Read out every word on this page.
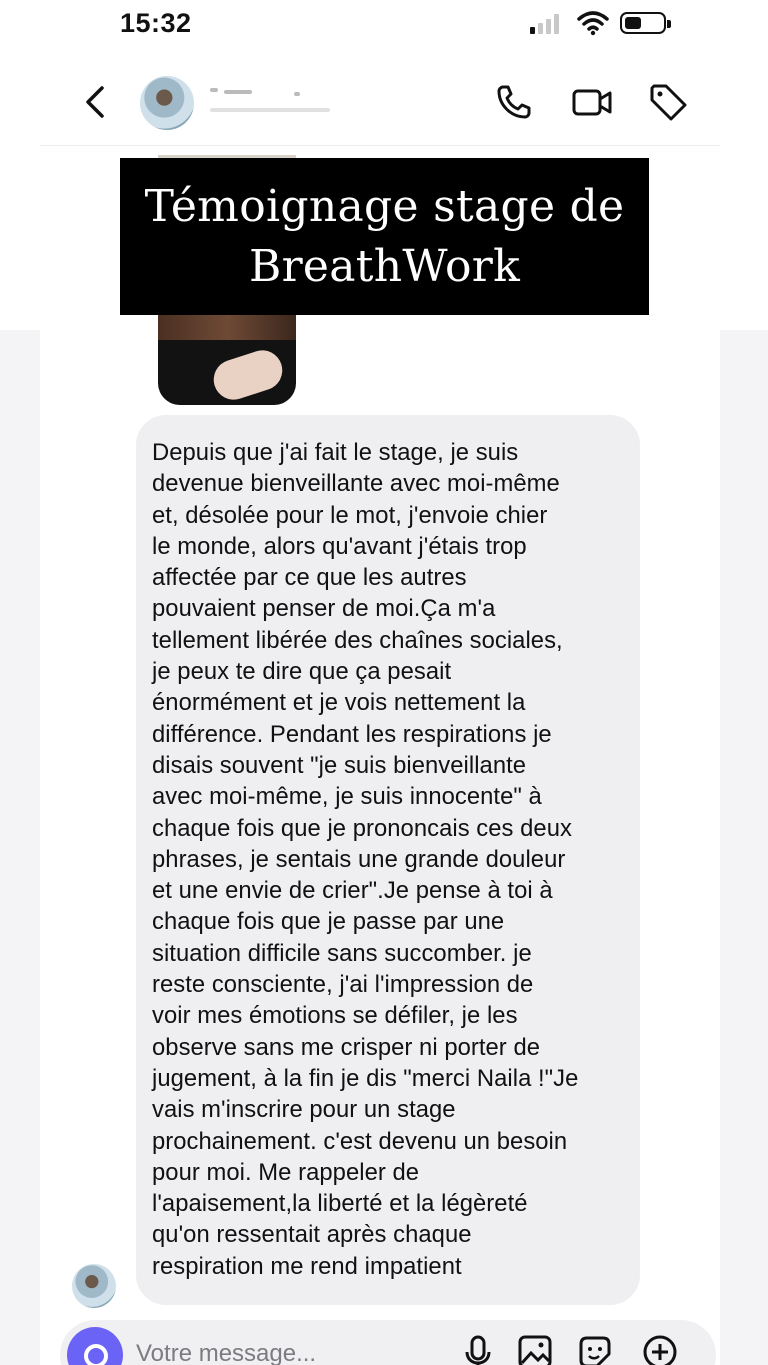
15:32
Témoignage stage de
BreathWork
Depuis que j'ai fait le stage, je suis
devenue bienveillante avec moi-même
et, désolée pour le mot, j'envoie chier
le monde, alors qu'avant j'étais trop
affectée par ce que les autres
pouvaient penser de moi.Ça m'a
tellement libérée des chaînes sociales,
je peux te dire que ça pesait
énormément et je vois nettement la
différence. Pendant les respirations je
disais souvent "je suis bienveillante
avec moi-même, je suis innocente" à
chaque fois que je prononcais ces deux
phrases, je sentais une grande douleur
et une envie de crier".Je pense à toi à
chaque fois que je passe par une
situation difficile sans succomber. je
reste consciente, j'ai l'impression de
voir mes émotions se défiler, je les
observe sans me crisper ni porter de
jugement, à la fin je dis "merci Naila !"Je
vais m'inscrire pour un stage
prochainement. c'est devenu un besoin
pour moi. Me rappeler de
l'apaisement,la liberté et la légèreté
qu'on ressentait après chaque
respiration me rend impatient
Votre message...
